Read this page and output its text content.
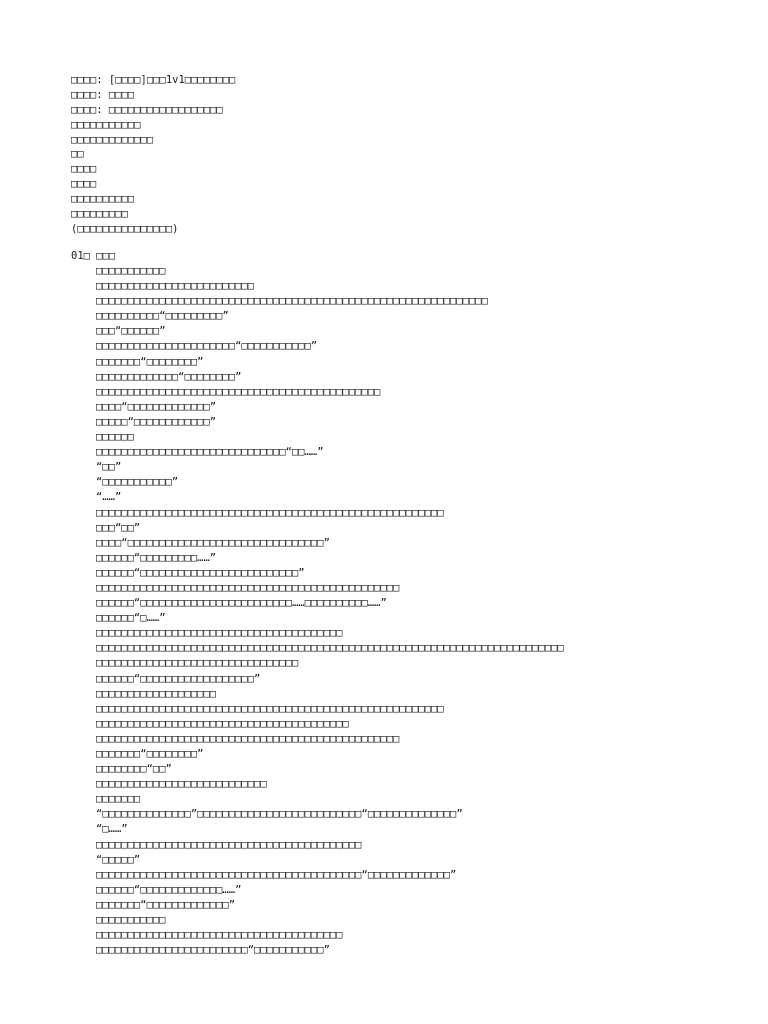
□□□□: [□□□□]□□□1v1□□□□□□□□
□□□□: □□□□
□□□□: □□□□□□□□□□□□□□□□□□
□□□□□□□□□□□
□□□□□□□□□□□□□
□□
□□□□
□□□□
□□□□□□□□□□
□□□□□□□□□
(□□□□□□□□□□□□□□□)
01□ □□□
□□□□□□□□□□□
□□□□□□□□□□□□□□□□□□□□□□□□□
□□□□□□□□□□□□□□□□□□□□□□□□□□□□□□□□□□□□□□□□□□□□□□□□□□□□□□□□□□□□□□
□□□□□□□□□□“□□□□□□□□□”
□□□“□□□□□□”
□□□□□□□□□□□□□□□□□□□□□□“□□□□□□□□□□□”
□□□□□□□“□□□□□□□□”
□□□□□□□□□□□□□“□□□□□□□□”
□□□□□□□□□□□□□□□□□□□□□□□□□□□□□□□□□□□□□□□□□□□□□
□□□□“□□□□□□□□□□□□□”
□□□□□“□□□□□□□□□□□□”
□□□□□□
□□□□□□□□□□□□□□□□□□□□□□□□□□□□□□“□□……”
“□□”
“□□□□□□□□□□□”
“……”
□□□□□□□□□□□□□□□□□□□□□□□□□□□□□□□□□□□□□□□□□□□□□□□□□□□□□□□
□□□“□□”
□□□□“□□□□□□□□□□□□□□□□□□□□□□□□□□□□□□□”
□□□□□□“□□□□□□□□□……”
□□□□□□“□□□□□□□□□□□□□□□□□□□□□□□□□”
□□□□□□□□□□□□□□□□□□□□□□□□□□□□□□□□□□□□□□□□□□□□□□□□
□□□□□□“□□□□□□□□□□□□□□□□□□□□□□□□……□□□□□□□□□□……”
□□□□□□“□……”
□□□□□□□□□□□□□□□□□□□□□□□□□□□□□□□□□□□□□□□
□□□□□□□□□□□□□□□□□□□□□□□□□□□□□□□□□□□□□□□□□□□□□□□□□□□□□□□□□□□□□□□□□□□□□□□□□□
□□□□□□□□□□□□□□□□□□□□□□□□□□□□□□□□
□□□□□□“□□□□□□□□□□□□□□□□□□”
□□□□□□□□□□□□□□□□□□□
□□□□□□□□□□□□□□□□□□□□□□□□□□□□□□□□□□□□□□□□□□□□□□□□□□□□□□□
□□□□□□□□□□□□□□□□□□□□□□□□□□□□□□□□□□□□□□□□
□□□□□□□□□□□□□□□□□□□□□□□□□□□□□□□□□□□□□□□□□□□□□□□□
□□□□□□□“□□□□□□□□”
□□□□□□□□“□□”
□□□□□□□□□□□□□□□□□□□□□□□□□□□
□□□□□□□
“□□□□□□□□□□□□□□”□□□□□□□□□□□□□□□□□□□□□□□□□□“□□□□□□□□□□□□□□”
“□……”
□□□□□□□□□□□□□□□□□□□□□□□□□□□□□□□□□□□□□□□□□□
“□□□□□”
□□□□□□□□□□□□□□□□□□□□□□□□□□□□□□□□□□□□□□□□□□“□□□□□□□□□□□□□”
□□□□□□“□□□□□□□□□□□□□……”
□□□□□□□“□□□□□□□□□□□□□”
□□□□□□□□□□□
□□□□□□□□□□□□□□□□□□□□□□□□□□□□□□□□□□□□□□□
□□□□□□□□□□□□□□□□□□□□□□□□“□□□□□□□□□□□”
